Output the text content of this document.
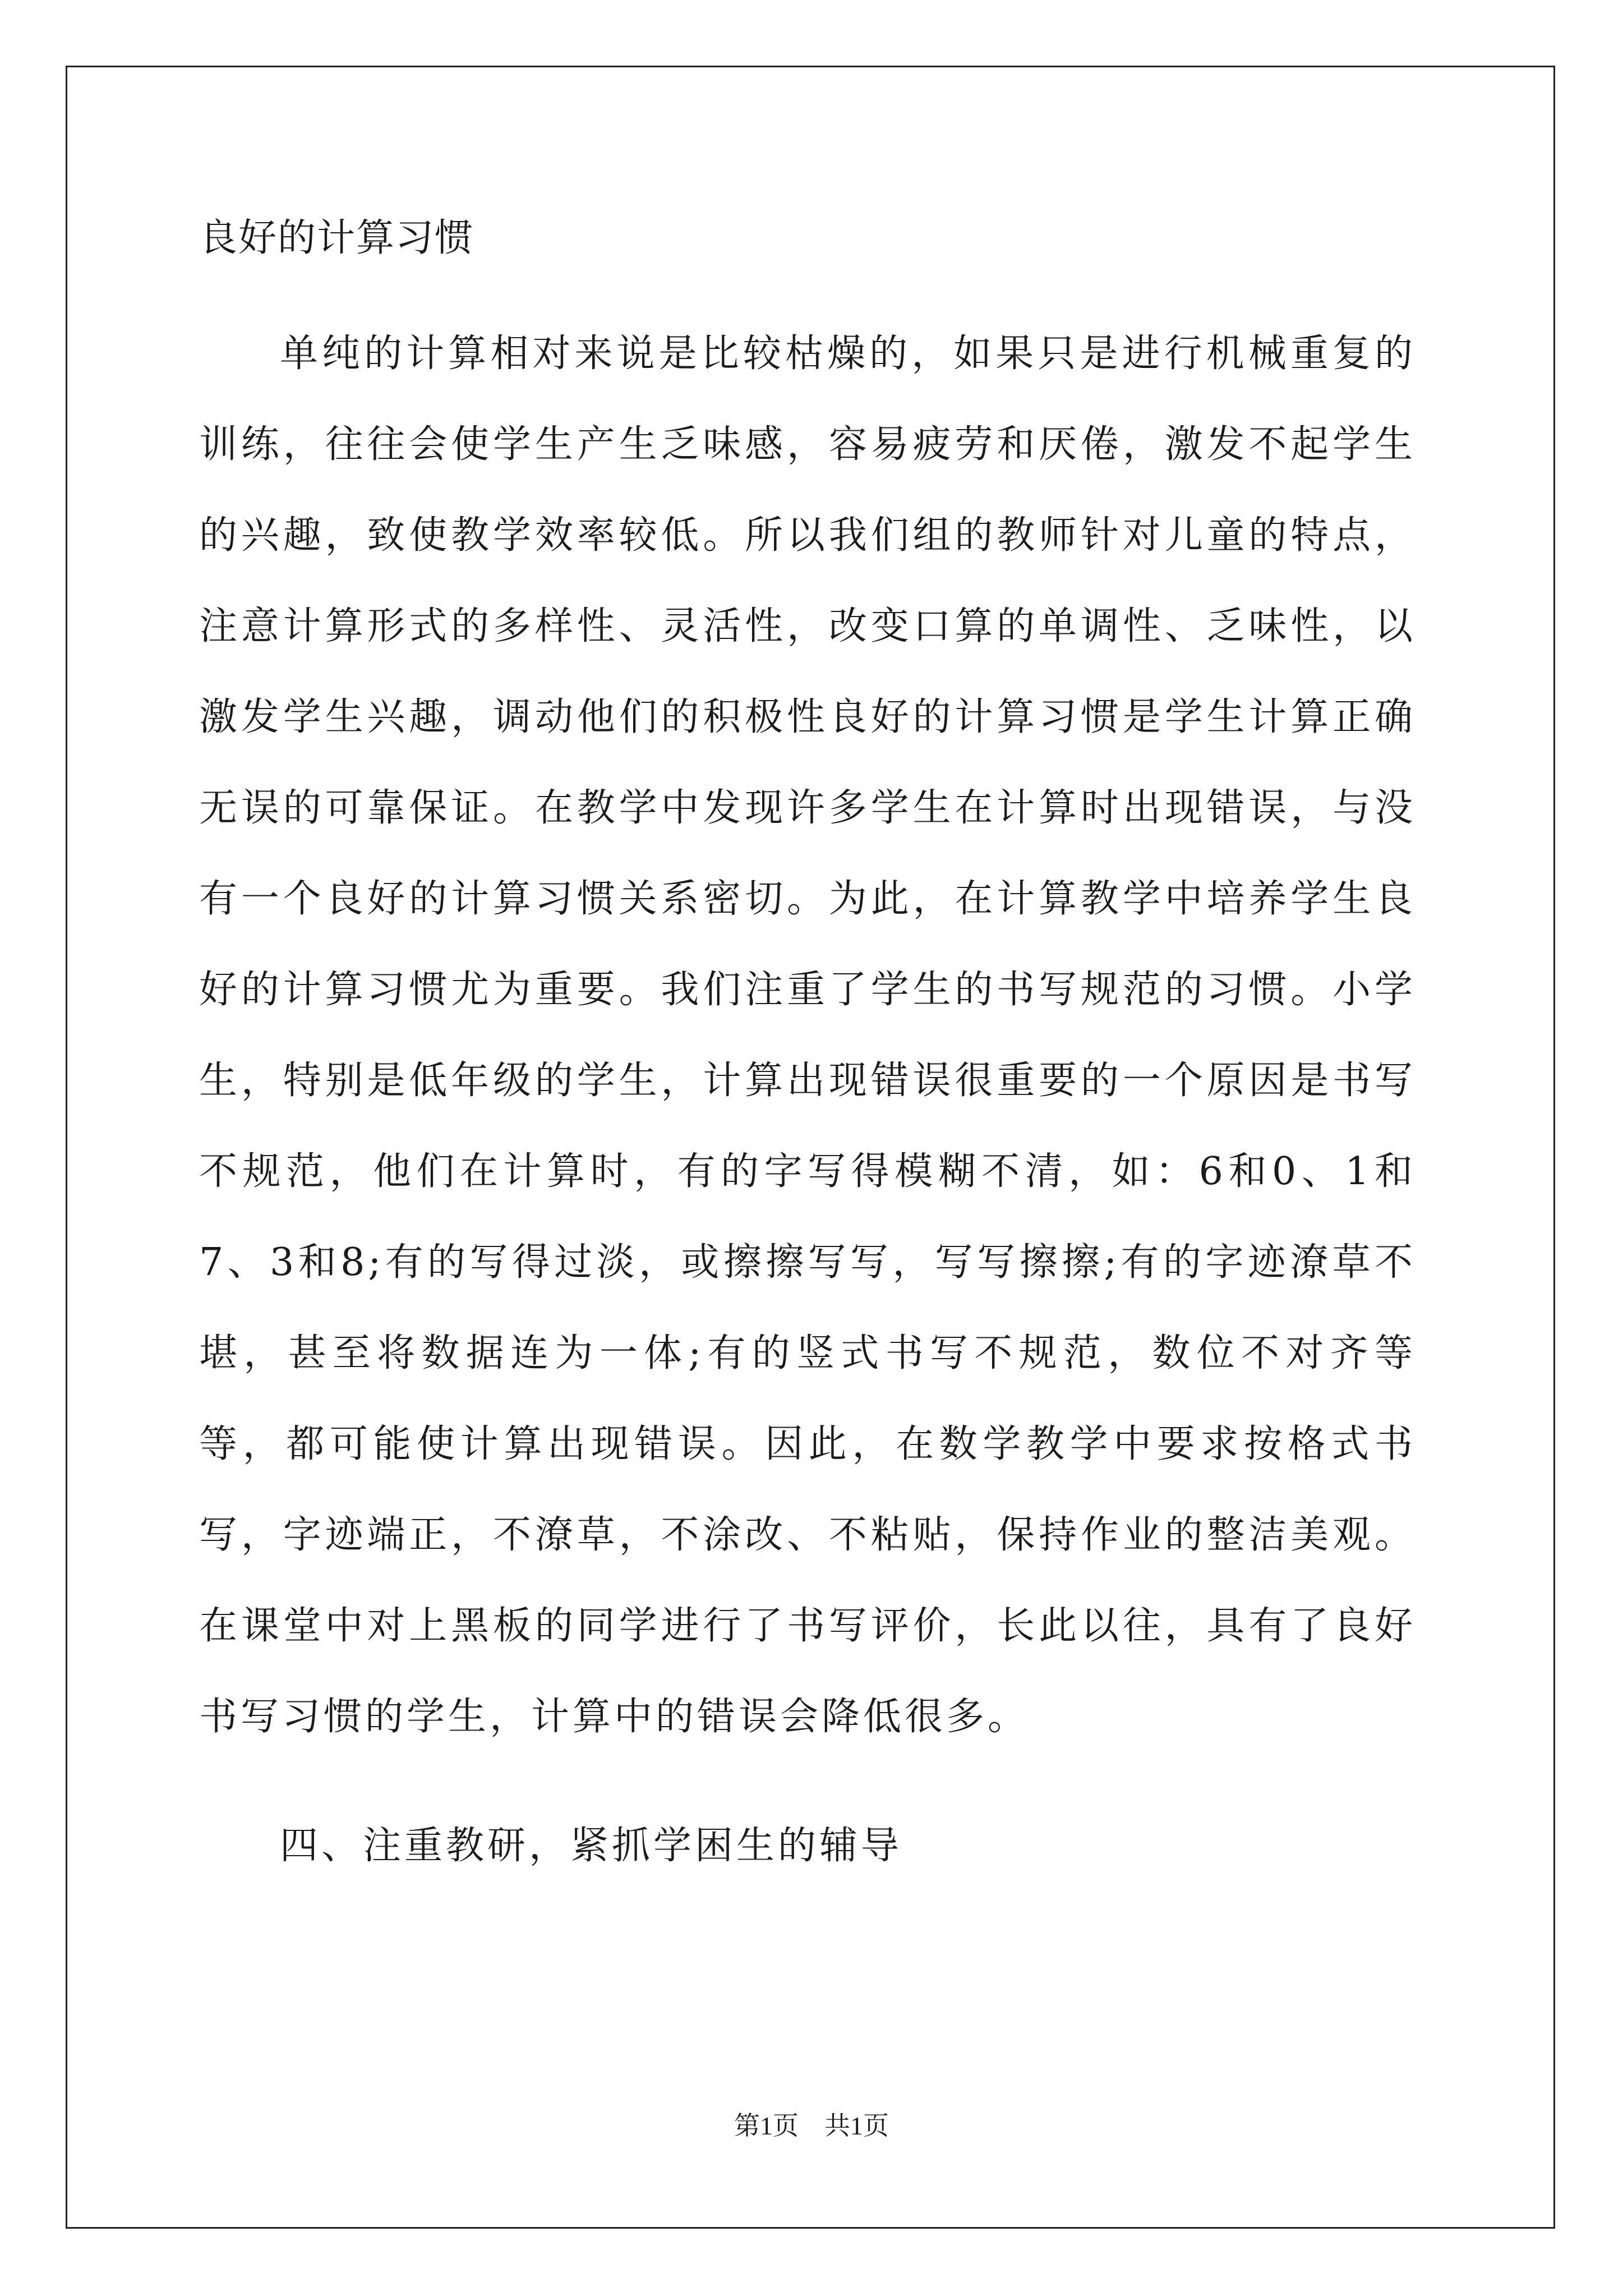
良好的计算习惯

单纯的计算相对来说是比较枯燥的，如果只是进行机械重复的训练，往往会使学生产生乏味感，容易疲劳和厌倦，激发不起学生的兴趣，致使教学效率较低。所以我们组的教师针对儿童的特点，注意计算形式的多样性、灵活性，改变口算的单调性、乏味性，以激发学生兴趣，调动他们的积极性良好的计算习惯是学生计算正确无误的可靠保证。在教学中发现许多学生在计算时出现错误，与没有一个良好的计算习惯关系密切。为此，在计算教学中培养学生良好的计算习惯尤为重要。我们注重了学生的书写规范的习惯。小学生，特别是低年级的学生，计算出现错误很重要的一个原因是书写不规范，他们在计算时，有的字写得模糊不清，如：6和0、1和7、3和8;有的写得过淡，或擦擦写写，写写擦擦;有的字迹潦草不堪，甚至将数据连为一体;有的竖式书写不规范，数位不对齐等等，都可能使计算出现错误。因此，在数学教学中要求按格式书写，字迹端正，不潦草，不涂改、不粘贴，保持作业的整洁美观。在课堂中对上黑板的同学进行了书写评价，长此以往，具有了良好书写习惯的学生，计算中的错误会降低很多。

四、注重教研，紧抓学困生的辅导
第1页　共1页
